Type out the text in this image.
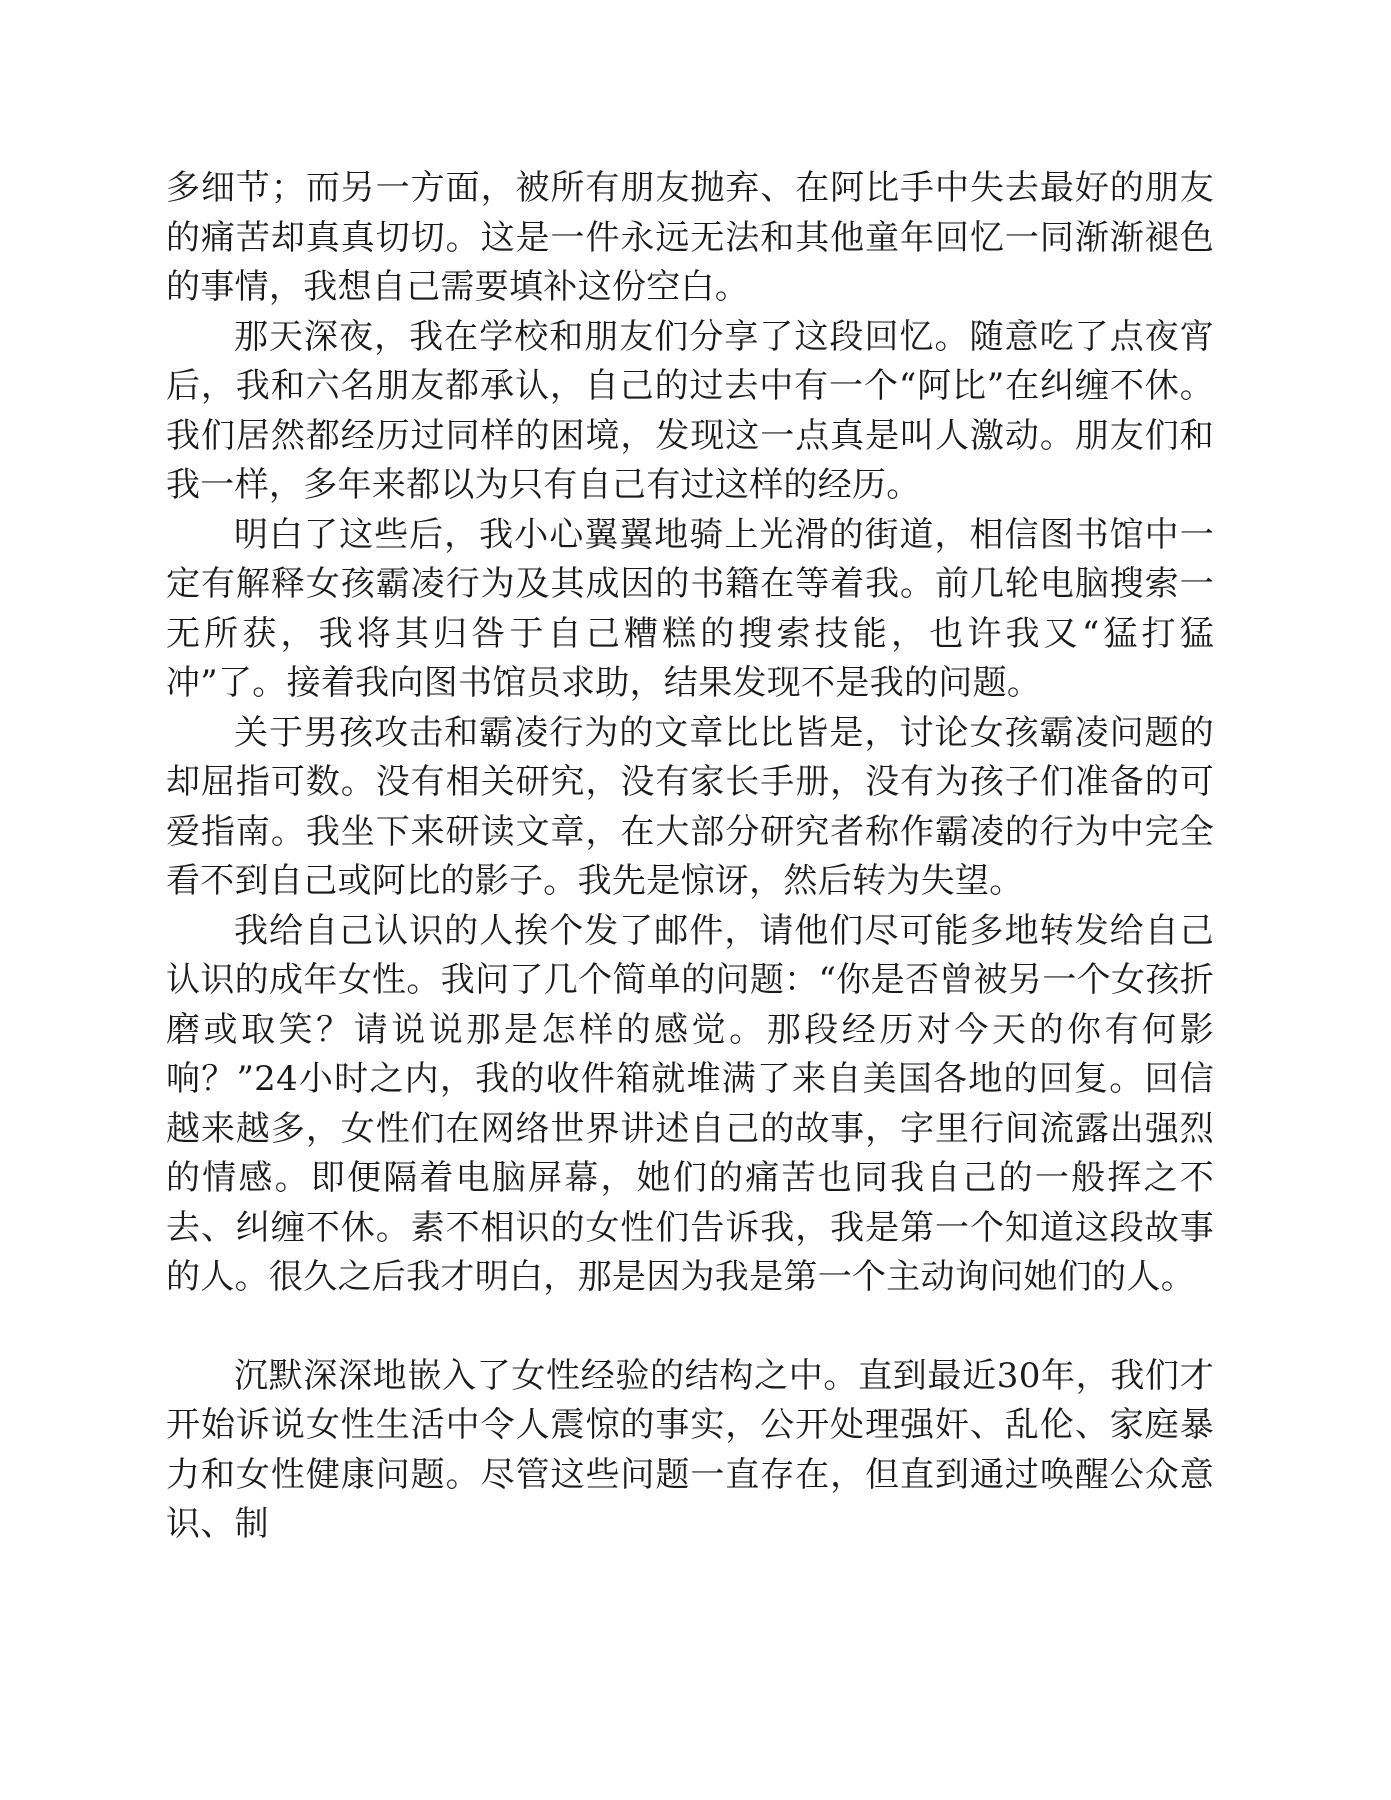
多细节；而另一方面，被所有朋友抛弃、在阿比手中失去最好的朋友的痛苦却真真切切。这是一件永远无法和其他童年回忆一同渐渐褪色的事情，我想自己需要填补这份空白。

那天深夜，我在学校和朋友们分享了这段回忆。随意吃了点夜宵后，我和六名朋友都承认，自己的过去中有一个“阿比”在纠缠不休。我们居然都经历过同样的困境，发现这一点真是叫人激动。朋友们和我一样，多年来都以为只有自己有过这样的经历。

明白了这些后，我小心翼翼地骑上光滑的街道，相信图书馆中一定有解释女孩霸凌行为及其成因的书籍在等着我。前几轮电脑搜索一无所获，我将其归咎于自己糟糕的搜索技能，也许我又“猛打猛冲”了。接着我向图书馆员求助，结果发现不是我的问题。

关于男孩攻击和霸凌行为的文章比比皆是，讨论女孩霸凌问题的却屈指可数。没有相关研究，没有家长手册，没有为孩子们准备的可爱指南。我坐下来研读文章，在大部分研究者称作霸凌的行为中完全看不到自己或阿比的影子。我先是惊讶，然后转为失望。

我给自己认识的人挨个发了邮件，请他们尽可能多地转发给自己认识的成年女性。我问了几个简单的问题：“你是否曾被另一个女孩折磨或取笑？请说说那是怎样的感觉。那段经历对今天的你有何影响？”24小时之内，我的收件箱就堆满了来自美国各地的回复。回信越来越多，女性们在网络世界讲述自己的故事，字里行间流露出强烈的情感。即便隔着电脑屏幕，她们的痛苦也同我自己的一般挥之不去、纠缠不休。素不相识的女性们告诉我，我是第一个知道这段故事的人。很久之后我才明白，那是因为我是第一个主动询问她们的人。

沉默深深地嵌入了女性经验的结构之中。直到最近30年，我们才开始诉说女性生活中令人震惊的事实，公开处理强奸、乱伦、家庭暴力和女性健康问题。尽管这些问题一直存在，但直到通过唤醒公众意识、制
